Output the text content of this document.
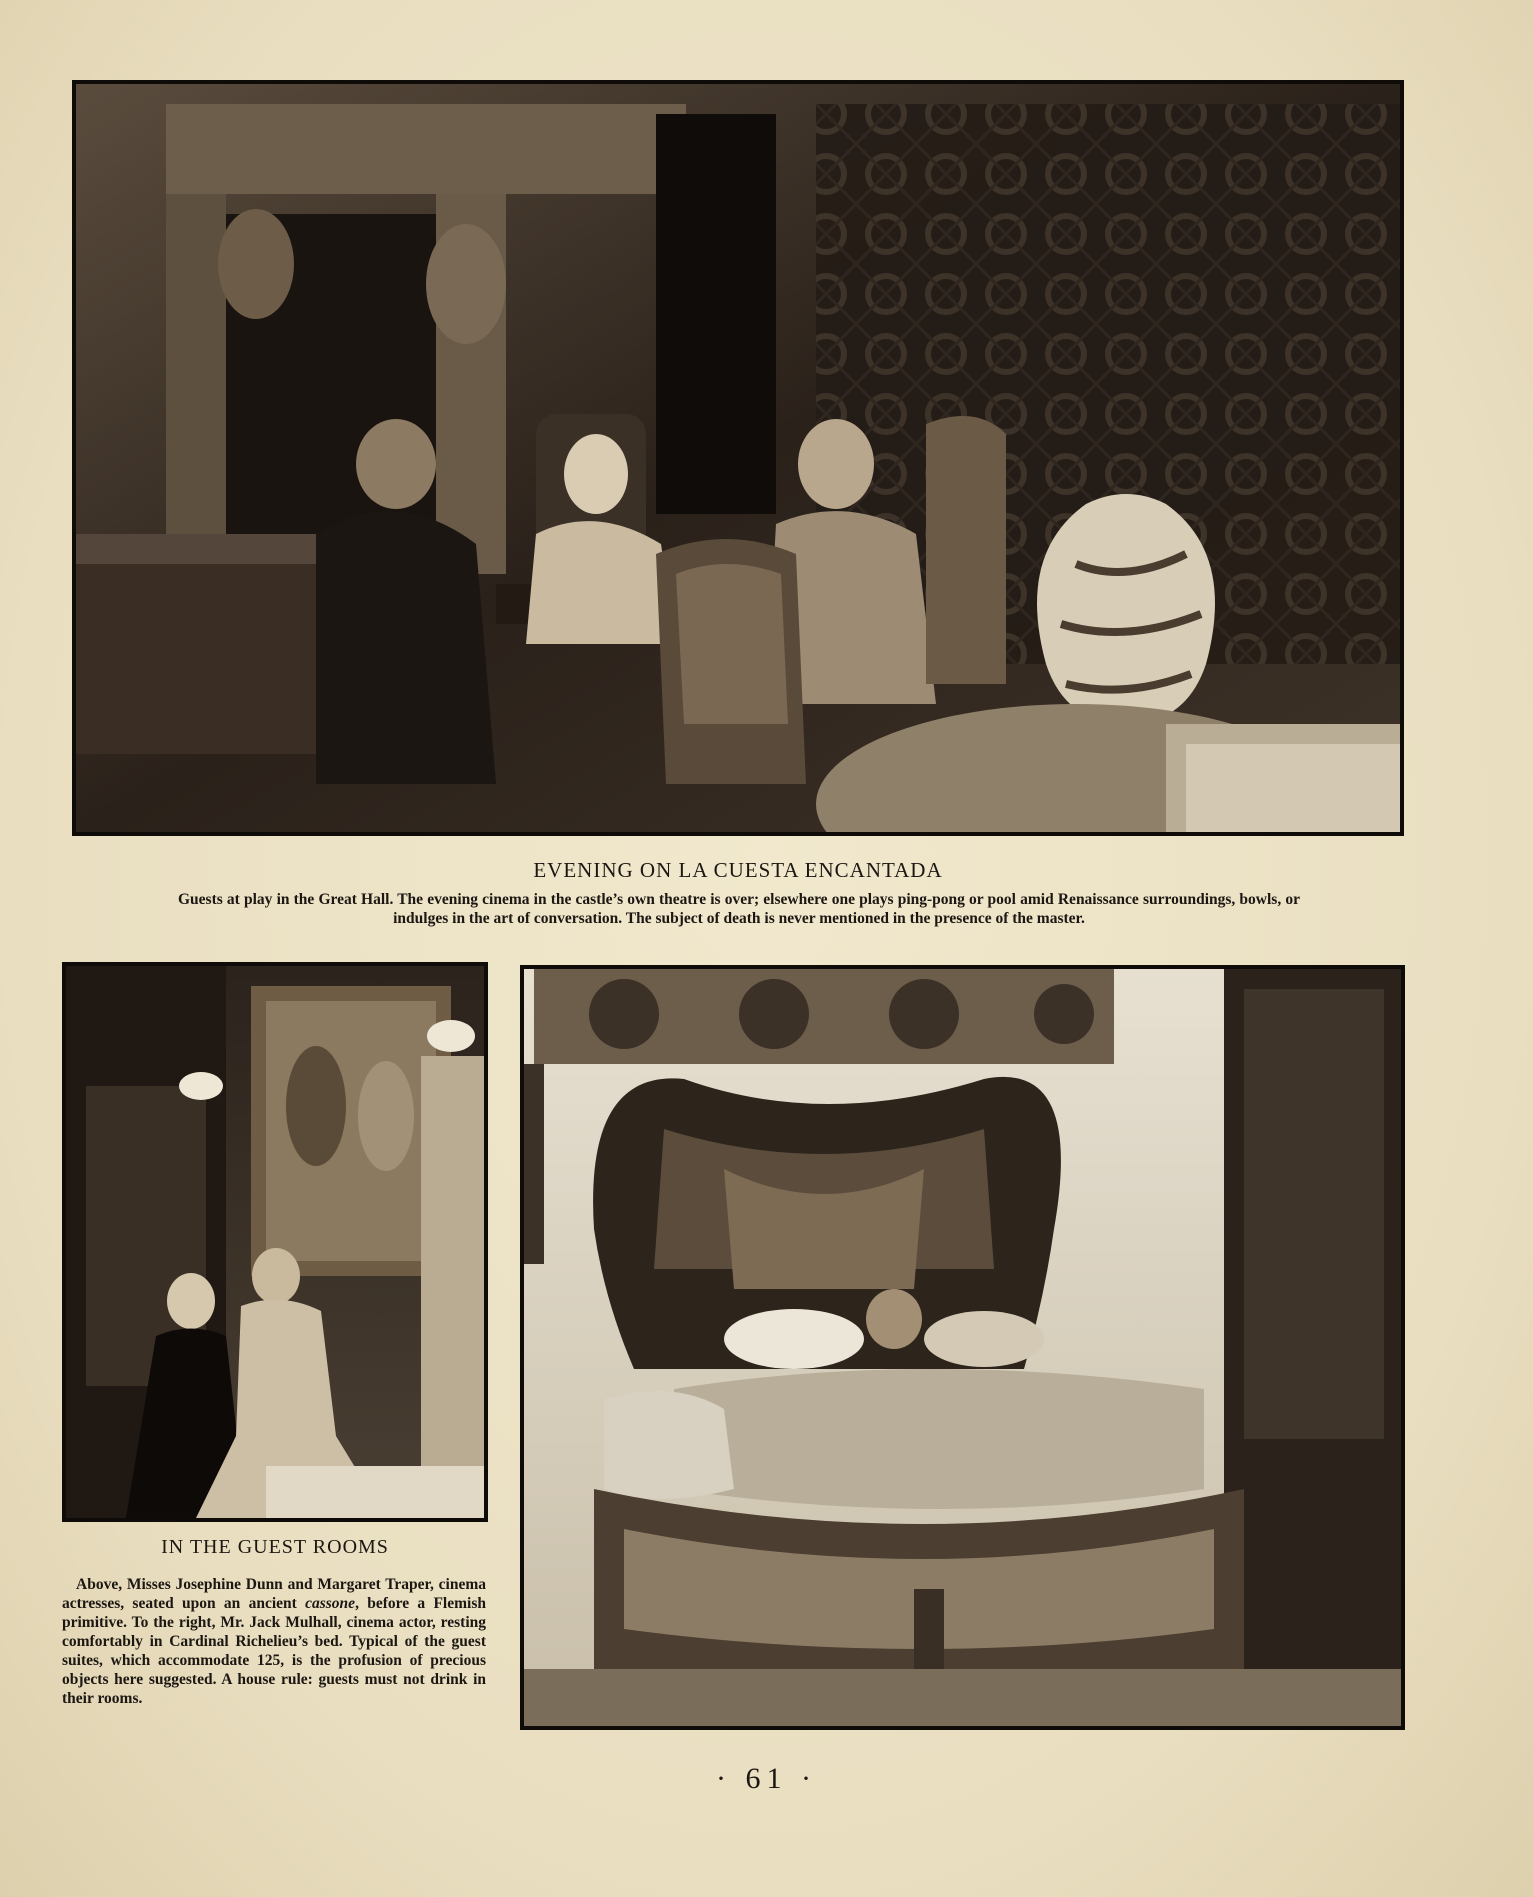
EVENING ON LA CUESTA ENCANTADA
Guests at play in the Great Hall. The evening cinema in the castle’s own theatre is over; elsewhere one plays ping-pong or pool amid Renaissance surroundings, bowls, or indulges in the art of conversation. The subject of death is never mentioned in the presence of the master.
IN THE GUEST ROOMS

Above, Misses Josephine Dunn and Margaret Traper, cinema actresses, seated upon an ancient cassone, before a Flemish primitive. To the right, Mr. Jack Mulhall, cinema actor, resting comfortably in Cardinal Richelieu’s bed. Typical of the guest suites, which accommodate 125, is the profusion of precious objects here suggested. A house rule: guests must not drink in their rooms.

· 61 ·
